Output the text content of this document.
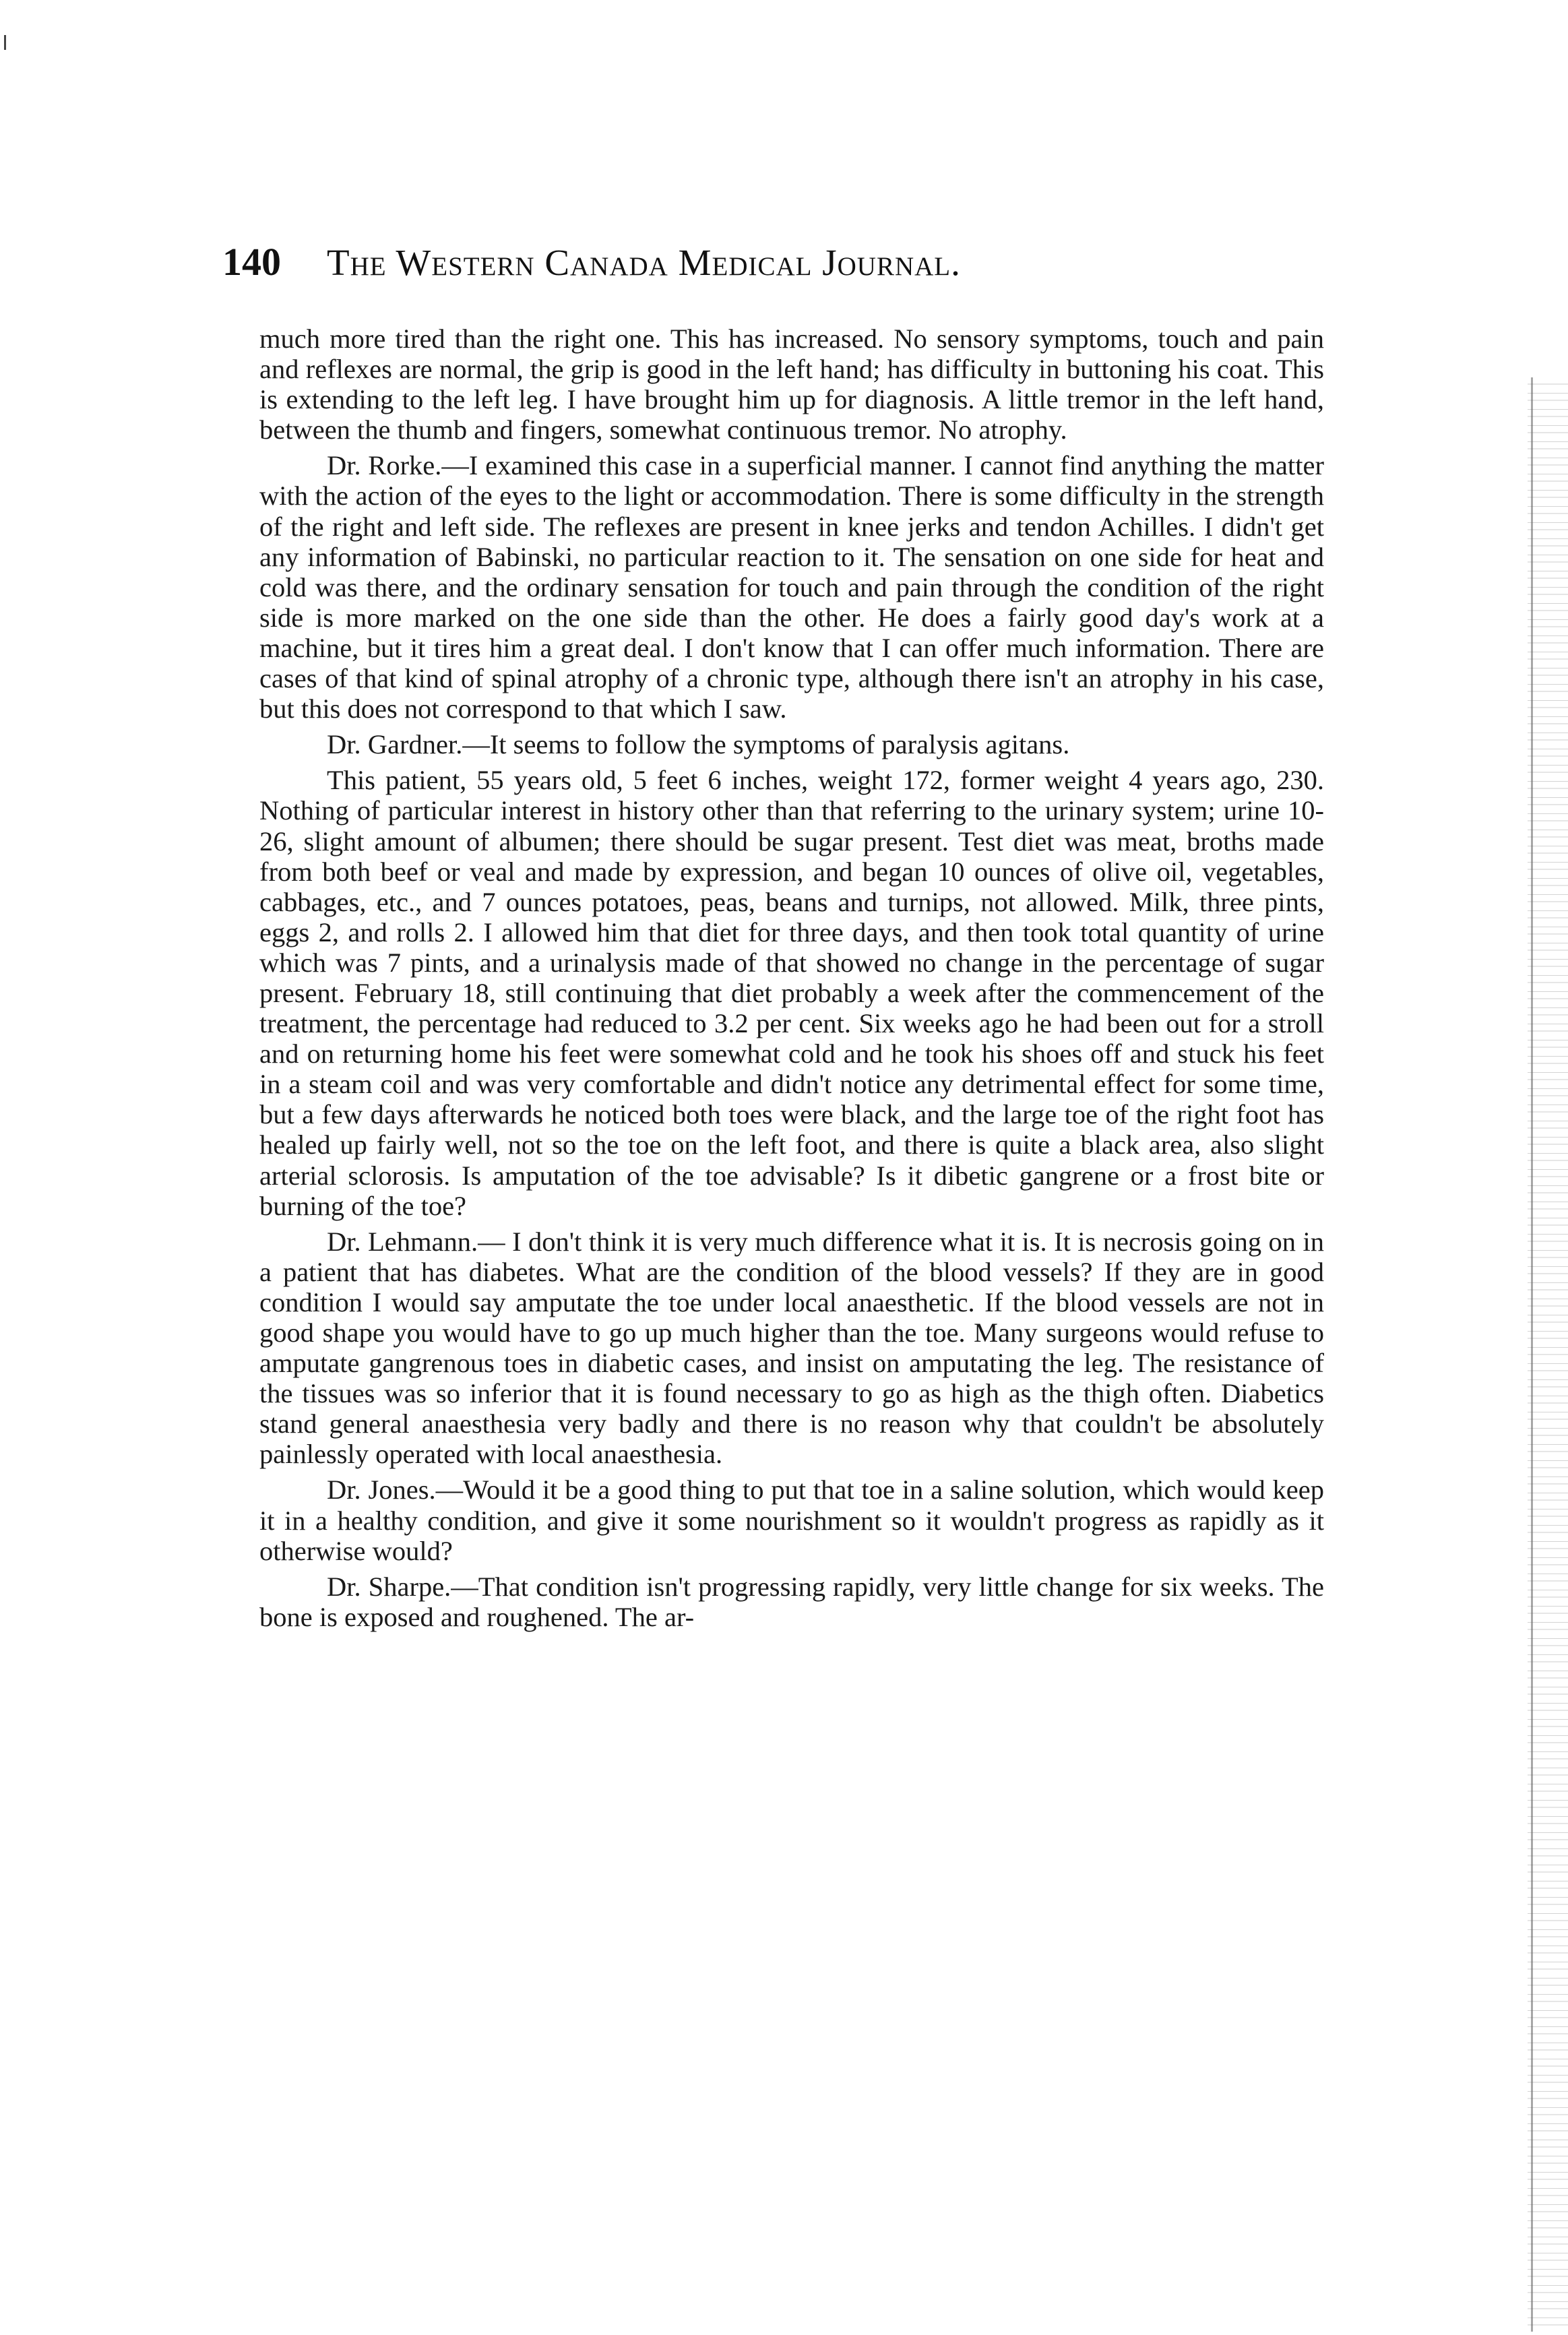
140 The Western Canada Medical Journal.

much more tired than the right one. This has increased. No sensory symptoms, touch and pain and reflexes are normal, the grip is good in the left hand; has difficulty in buttoning his coat. This is extending to the left leg. I have brought him up for diagnosis. A little tremor in the left hand, between the thumb and fingers, somewhat continuous tremor. No atrophy.

Dr. Rorke.—I examined this case in a superficial manner. I cannot find anything the matter with the action of the eyes to the light or accommodation. There is some difficulty in the strength of the right and left side. The reflexes are present in knee jerks and tendon Achilles. I didn't get any information of Babinski, no particular reaction to it. The sensation on one side for heat and cold was there, and the ordinary sensation for touch and pain through the condition of the right side is more marked on the one side than the other. He does a fairly good day's work at a machine, but it tires him a great deal. I don't know that I can offer much information. There are cases of that kind of spinal atrophy of a chronic type, although there isn't an atrophy in his case, but this does not correspond to that which I saw.

Dr. Gardner.—It seems to follow the symptoms of paralysis agitans.

This patient, 55 years old, 5 feet 6 inches, weight 172, former weight 4 years ago, 230. Nothing of particular interest in history other than that referring to the urinary system; urine 10-26, slight amount of albumen; there should be sugar present. Test diet was meat, broths made from both beef or veal and made by expression, and began 10 ounces of olive oil, vegetables, cabbages, etc., and 7 ounces potatoes, peas, beans and turnips, not allowed. Milk, three pints, eggs 2, and rolls 2. I allowed him that diet for three days, and then took total quantity of urine which was 7 pints, and a urinalysis made of that showed no change in the percentage of sugar present. February 18, still continuing that diet probably a week after the commencement of the treatment, the percentage had reduced to 3.2 per cent. Six weeks ago he had been out for a stroll and on returning home his feet were somewhat cold and he took his shoes off and stuck his feet in a steam coil and was very comfortable and didn't notice any detrimental effect for some time, but a few days afterwards he noticed both toes were black, and the large toe of the right foot has healed up fairly well, not so the toe on the left foot, and there is quite a black area, also slight arterial sclorosis. Is amputation of the toe advisable? Is it dibetic gangrene or a frost bite or burning of the toe?

Dr. Lehmann.— I don't think it is very much difference what it is. It is necrosis going on in a patient that has diabetes. What are the condition of the blood vessels? If they are in good condition I would say amputate the toe under local anaesthetic. If the blood vessels are not in good shape you would have to go up much higher than the toe. Many surgeons would refuse to amputate gangrenous toes in diabetic cases, and insist on amputating the leg. The resistance of the tissues was so inferior that it is found necessary to go as high as the thigh often. Diabetics stand general anaesthesia very badly and there is no reason why that couldn't be absolutely painlessly operated with local anaesthesia.

Dr. Jones.—Would it be a good thing to put that toe in a saline solution, which would keep it in a healthy condition, and give it some nourishment so it wouldn't progress as rapidly as it otherwise would?

Dr. Sharpe.—That condition isn't progressing rapidly, very little change for six weeks. The bone is exposed and roughened. The ar-
